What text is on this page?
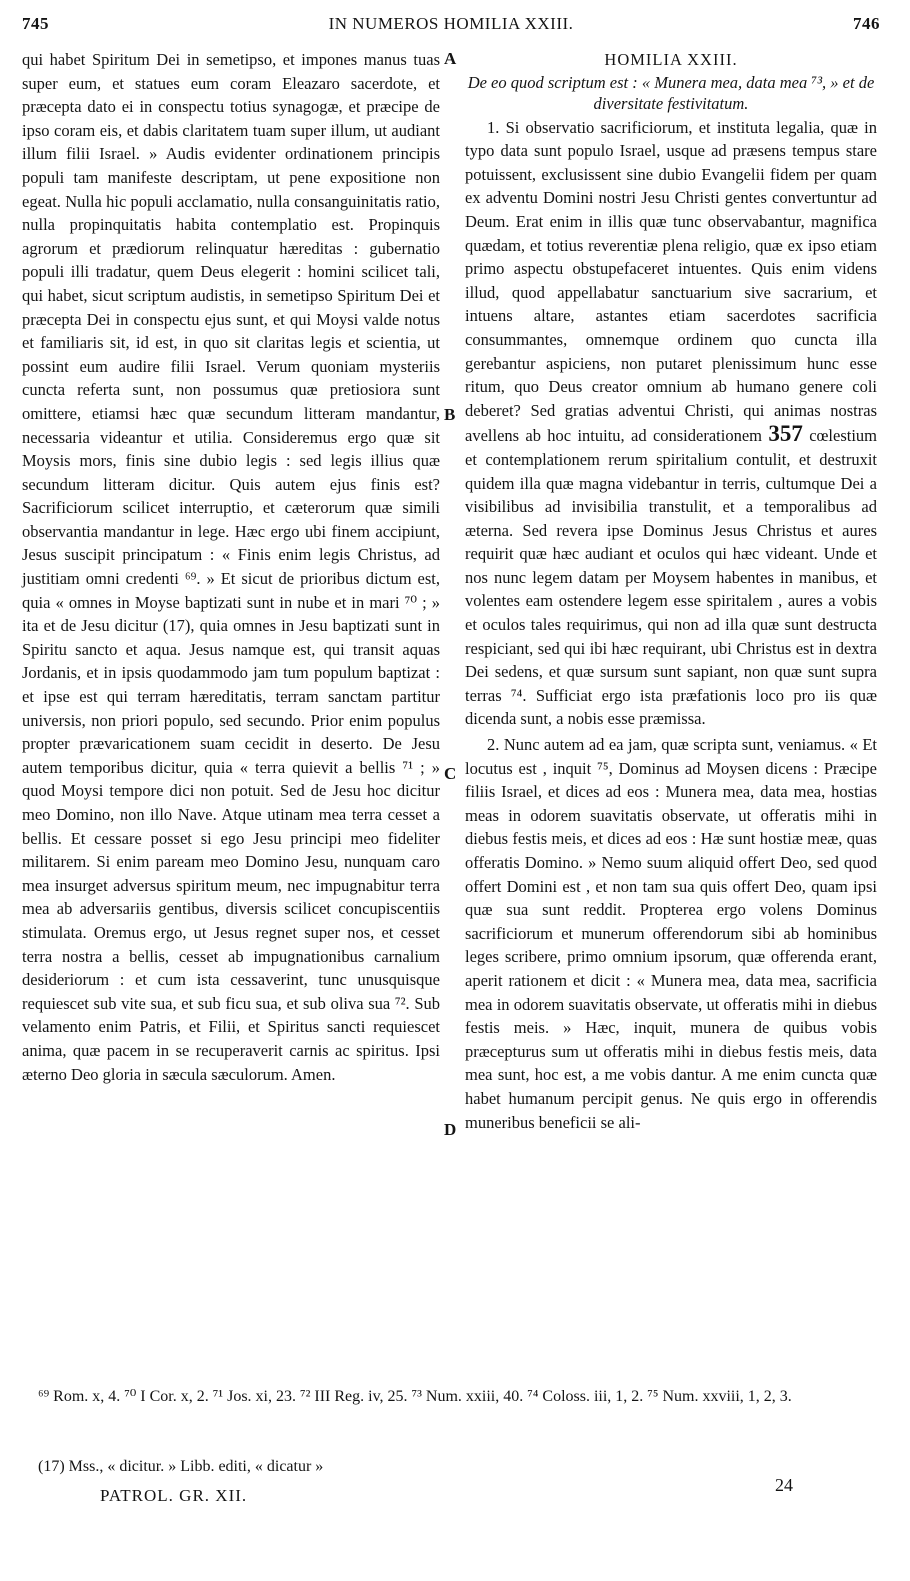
745	IN NUMEROS HOMILIA XXIII.	746

qui habet Spiritum Dei in semetipso, et impones manus tuas super eum, et statues eum coram Eleazaro sacerdote, et præcepta dato ei in conspectu totius synagogæ, et præcipe de ipso coram eis, et dabis claritatem tuam super illum, ut audiant illum filii Israel. » Audis evidenter ordinationem principis populi tam manifeste descriptam, ut pene expositione non egeat. Nulla hic populi acclamatio, nulla consanguinitatis ratio, nulla propinquitatis habita contemplatio est. Propinquis agrorum et prædiorum relinquatur hæreditas : gubernatio populi illi tradatur, quem Deus elegerit : homini scilicet tali, qui habet, sicut scriptum audistis, in semetipso Spiritum Dei et præcepta Dei in conspectu ejus sunt, et qui Moysi valde notus et familiaris sit, id est, in quo sit claritas legis et scientia, ut possint eum audire filii Israel. Verum quoniam mysteriis cuncta referta sunt, non possumus quæ pretiosiora sunt omittere, etiamsi hæc quæ secundum litteram mandantur, necessaria videantur et utilia. Consideremus ergo quæ sit Moysis mors, finis sine dubio legis : sed legis illius quæ secundum litteram dicitur. Quis autem ejus finis est? Sacrificiorum scilicet interruptio, et cæterorum quæ simili observantia mandantur in lege. Hæc ergo ubi finem accipiunt, Jesus suscipit principatum : « Finis enim legis Christus, ad justitiam omni credenti ⁶⁹. » Et sicut de prioribus dictum est, quia « omnes in Moyse baptizati sunt in nube et in mari ⁷⁰ ; » ita et de Jesu dicitur (17), quia omnes in Jesu baptizati sunt in Spiritu sancto et aqua. Jesus namque est, qui transit aquas Jordanis, et in ipsis quodammodo jam tum populum baptizat : et ipse est qui terram hæreditatis, terram sanctam partitur universis, non priori populo, sed secundo. Prior enim populus propter prævaricationem suam cecidit in deserto. De Jesu autem temporibus dicitur, quia « terra quievit a bellis ⁷¹ ; » quod Moysi tempore dici non potuit. Sed de Jesu hoc dicitur meo Domino, non illo Nave. Atque utinam mea terra cesset a bellis. Et cessare posset si ego Jesu principi meo fideliter militarem. Si enim paream meo Domino Jesu, nunquam caro mea insurget adversus spiritum meum, nec impugnabitur terra mea ab adversariis gentibus, diversis scilicet concupiscentiis stimulata. Oremus ergo, ut Jesus regnet super nos, et cesset terra nostra a bellis, cesset ab impugnationibus carnalium desideriorum : et cum ista cessaverint, tunc unusquisque requiescet sub vite sua, et sub ficu sua, et sub oliva sua ⁷². Sub velamento enim Patris, et Filii, et Spiritus sancti requiescet anima, quæ pacem in se recuperaverit carnis ac spiritus. Ipsi æterno Deo gloria in sæcula sæculorum. Amen.

HOMILIA XXIII.

De eo quod scriptum est : « Munera mea, data mea ⁷³, » et de diversitate festivitatum.

1. Si observatio sacrificiorum, et instituta legalia, quæ in typo data sunt populo Israel, usque ad præsens tempus stare potuissent, exclusissent sine dubio Evangelii fidem per quam ex adventu Domini nostri Jesu Christi gentes convertuntur ad Deum. Erat enim in illis quæ tunc observabantur, magnifica quædam, et totius reverentiæ plena religio, quæ ex ipso etiam primo aspectu obstupefaceret intuentes. Quis enim videns illud, quod appellabatur sanctuarium sive sacrarium, et intuens altare, astantes etiam sacerdotes sacrificia consummantes, omnemque ordinem quo cuncta illa gerebantur aspiciens, non putaret plenissimum hunc esse ritum, quo Deus creator omnium ab humano genere coli deberet? Sed gratias adventui Christi, qui animas nostras avellens ab hoc intuitu, ad considerationem 357 cœlestium et contemplationem rerum spiritalium contulit, et destruxit quidem illa quæ magna videbantur in terris, cultumque Dei a visibilibus ad invisibilia transtulit, et a temporalibus ad æterna. Sed revera ipse Dominus Jesus Christus et aures requirit quæ hæc audiant et oculos qui hæc videant. Unde et nos nunc legem datam per Moysem habentes in manibus, et volentes eam ostendere legem esse spiritalem , aures a vobis et oculos tales requirimus, qui non ad illa quæ sunt destructa respiciant, sed qui ibi hæc requirant, ubi Christus est in dextra Dei sedens, et quæ sursum sunt sapiant, non quæ sunt supra terras ⁷⁴. Sufficiat ergo ista præfationis loco pro iis quæ dicenda sunt, a nobis esse præmissa.

2. Nunc autem ad ea jam, quæ scripta sunt, veniamus. « Et locutus est , inquit ⁷⁵, Dominus ad Moysen dicens : Præcipe filiis Israel, et dices ad eos : Munera mea, data mea, hostias meas in odorem suavitatis observate, ut offeratis mihi in diebus festis meis, et dices ad eos : Hæ sunt hostiæ meæ, quas offeratis Domino. » Nemo suum aliquid offert Deo, sed quod offert Domini est , et non tam sua quis offert Deo, quam ipsi quæ sua sunt reddit. Propterea ergo volens Dominus sacrificiorum et munerum offerendorum sibi ab hominibus leges scribere, primo omnium ipsorum, quæ offerenda erant, aperit rationem et dicit : « Munera mea, data mea, sacrificia mea in odorem suavitatis observate, ut offeratis mihi in diebus festis meis. » Hæc, inquit, munera de quibus vobis præcepturus sum ut offeratis mihi in diebus festis meis, data mea sunt, hoc est, a me vobis dantur. A me enim cuncta quæ habet humanum percipit genus. Ne quis ergo in offerendis muneribus beneficii se ali-

A
B
C
D
⁶⁹ Rom. x, 4. ⁷⁰ I Cor. x, 2. ⁷¹ Jos. xi, 23. ⁷² III Reg. iv, 25. ⁷³ Num. xxiii, 40. ⁷⁴ Coloss. iii, 1, 2. ⁷⁵ Num. xxviii, 1, 2, 3.
(17) Mss., « dicitur. » Libb. editi, « dicatur »
PATROL. GR. XII.
24
